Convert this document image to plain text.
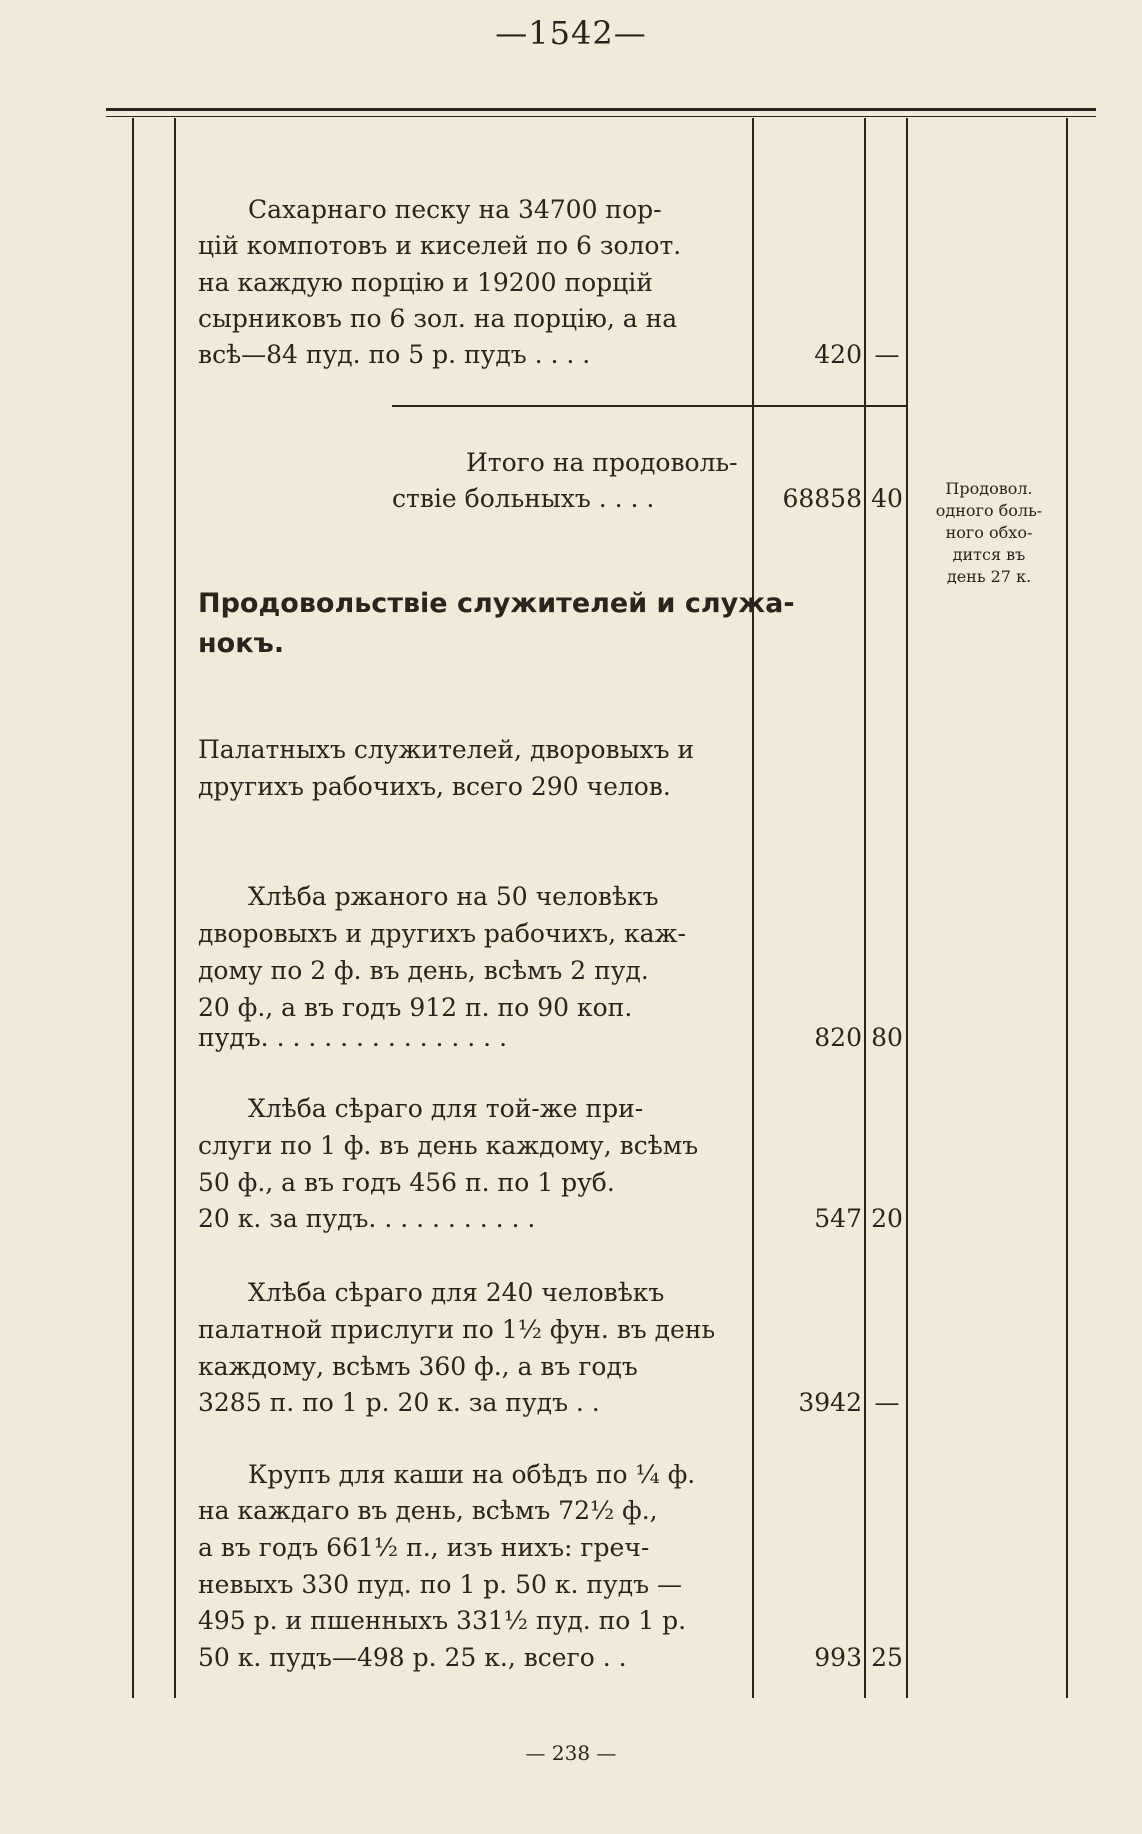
—1542—
Сахарнаго песку на 34700 пор-
цій компотовъ и киселей по 6 золот.
на каждую порцію и 19200 порцій
сырниковъ по 6 зол. на порцію, а на
всѣ—84 пуд. по 5 р. пудъ . . . .	420 —
Итого на продоволь-
ствіе больныхъ . . . .	68858 40	Продовол.
одного боль-
ного обхо-
дится въ
день 27 к.
Продовольствіе служителей и служа-
нокъ.
Палатныхъ служителей, дворовыхъ и
другихъ рабочихъ, всего 290 челов.
Хлѣба ржаного на 50 человѣкъ
дворовыхъ и другихъ рабочихъ, каж-
дому по 2 ф. въ день, всѣмъ 2 пуд.
20 ф., а въ годъ 912 п. по 90 коп.
пудъ. . . . . . . . . . . . . . . .	820 80
Хлѣба сѣраго для той-же при-
слуги по 1 ф. въ день каждому, всѣмъ
50 ф., а въ годъ 456 п. по 1 руб.
20 к. за пудъ. . . . . . . . . . .	547 20
Хлѣба сѣраго для 240 человѣкъ
палатной прислуги по 1½ фун. въ день
каждому, всѣмъ 360 ф., а въ годъ
3285 п. по 1 р. 20 к. за пудъ . .	3942 —
Крупъ для каши на обѣдъ по ¼ ф.
на каждаго въ день, всѣмъ 72½ ф.,
а въ годъ 661½ п., изъ нихъ: греч-
невыхъ 330 пуд. по 1 р. 50 к. пудъ —
495 р. и пшенныхъ 331½ пуд. по 1 р.
50 к. пудъ—498 р. 25 к., всего . .	993 25
— 238 —
